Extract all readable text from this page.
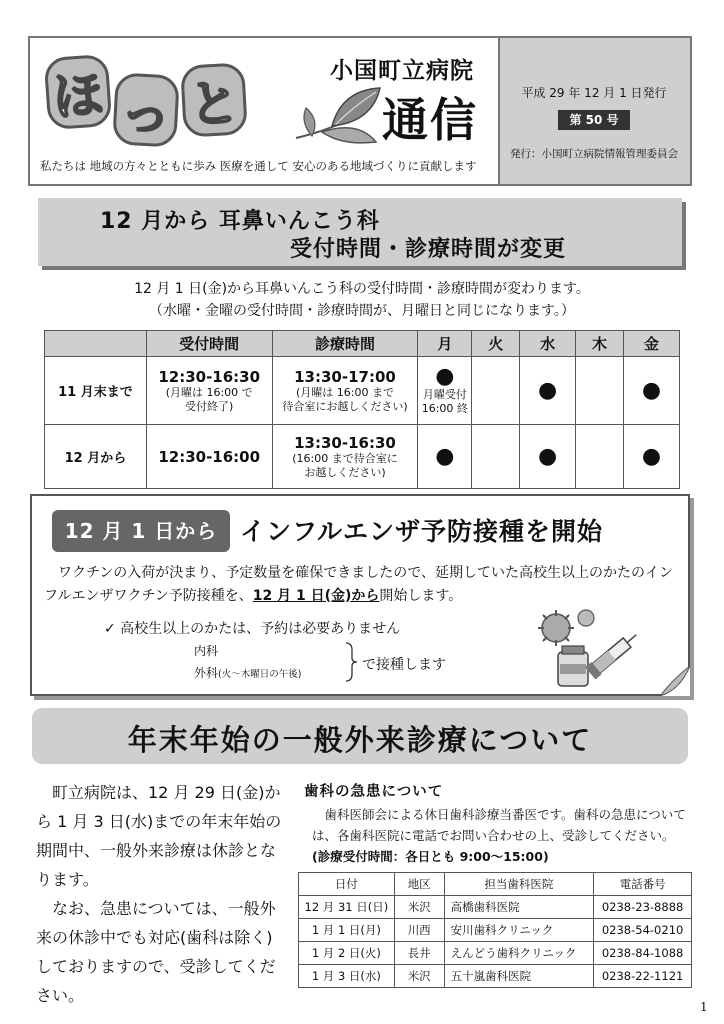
ほ っ と
小国町立病院
通信
私たちは 地域の方々とともに歩み 医療を通して 安心のある地域づくりに貢献します
平成 29 年 12 月 1 日発行
第 50 号
発行：小国町立病院情報管理委員会
12 月から 耳鼻いんこう科
受付時間・診療時間が変更
12 月 1 日(金)から耳鼻いんこう科の受付時間・診療時間が変わります。
（水曜・金曜の受付時間・診療時間が、月曜日と同じになります。）
	受付時間	診療時間	月	火	水	木	金
11 月末まで	12:30-16:30
(月曜は 16:00 で
受付終了)	13:30-17:00
(月曜は 16:00 まで
待合室にお越しください)	●
月曜受付
16:00 終		●		●
12 月から	12:30-16:00	13:30-16:30
(16:00 まで待合室に
お越しください)	●		●		●
12 月 1 日から インフルエンザ予防接種を開始
ワクチンの入荷が決まり、予定数量を確保できましたので、延期していた高校生以上のかたのインフルエンザワクチン予防接種を、12 月 1 日(金)から開始します。
✓ 高校生以上のかたは、予約は必要ありません
内科
外科(火～木曜日の午後)
で接種します
年末年始の一般外来診療について

町立病院は、12 月 29 日(金)から 1 月 3 日(水)までの年末年始の期間中、一般外来診療は休診となります。

なお、急患については、一般外来の休診中でも対応(歯科は除く)しておりますので、受診してください。

歯科の急患について
歯科医師会による休日歯科診療当番医です。歯科の急患については、各歯科医院に電話でお問い合わせの上、受診してください。(診療受付時間：各日とも 9:00～15:00)
日付	地区	担当歯科医院	電話番号
12 月 31 日(日)	米沢	高橋歯科医院	0238-23-8888
1 月 1 日(月)	川西	安川歯科クリニック	0238-54-0210
1 月 2 日(火)	長井	えんどう歯科クリニック	0238-84-1088
1 月 3 日(水)	米沢	五十嵐歯科医院	0238-22-1121
1
